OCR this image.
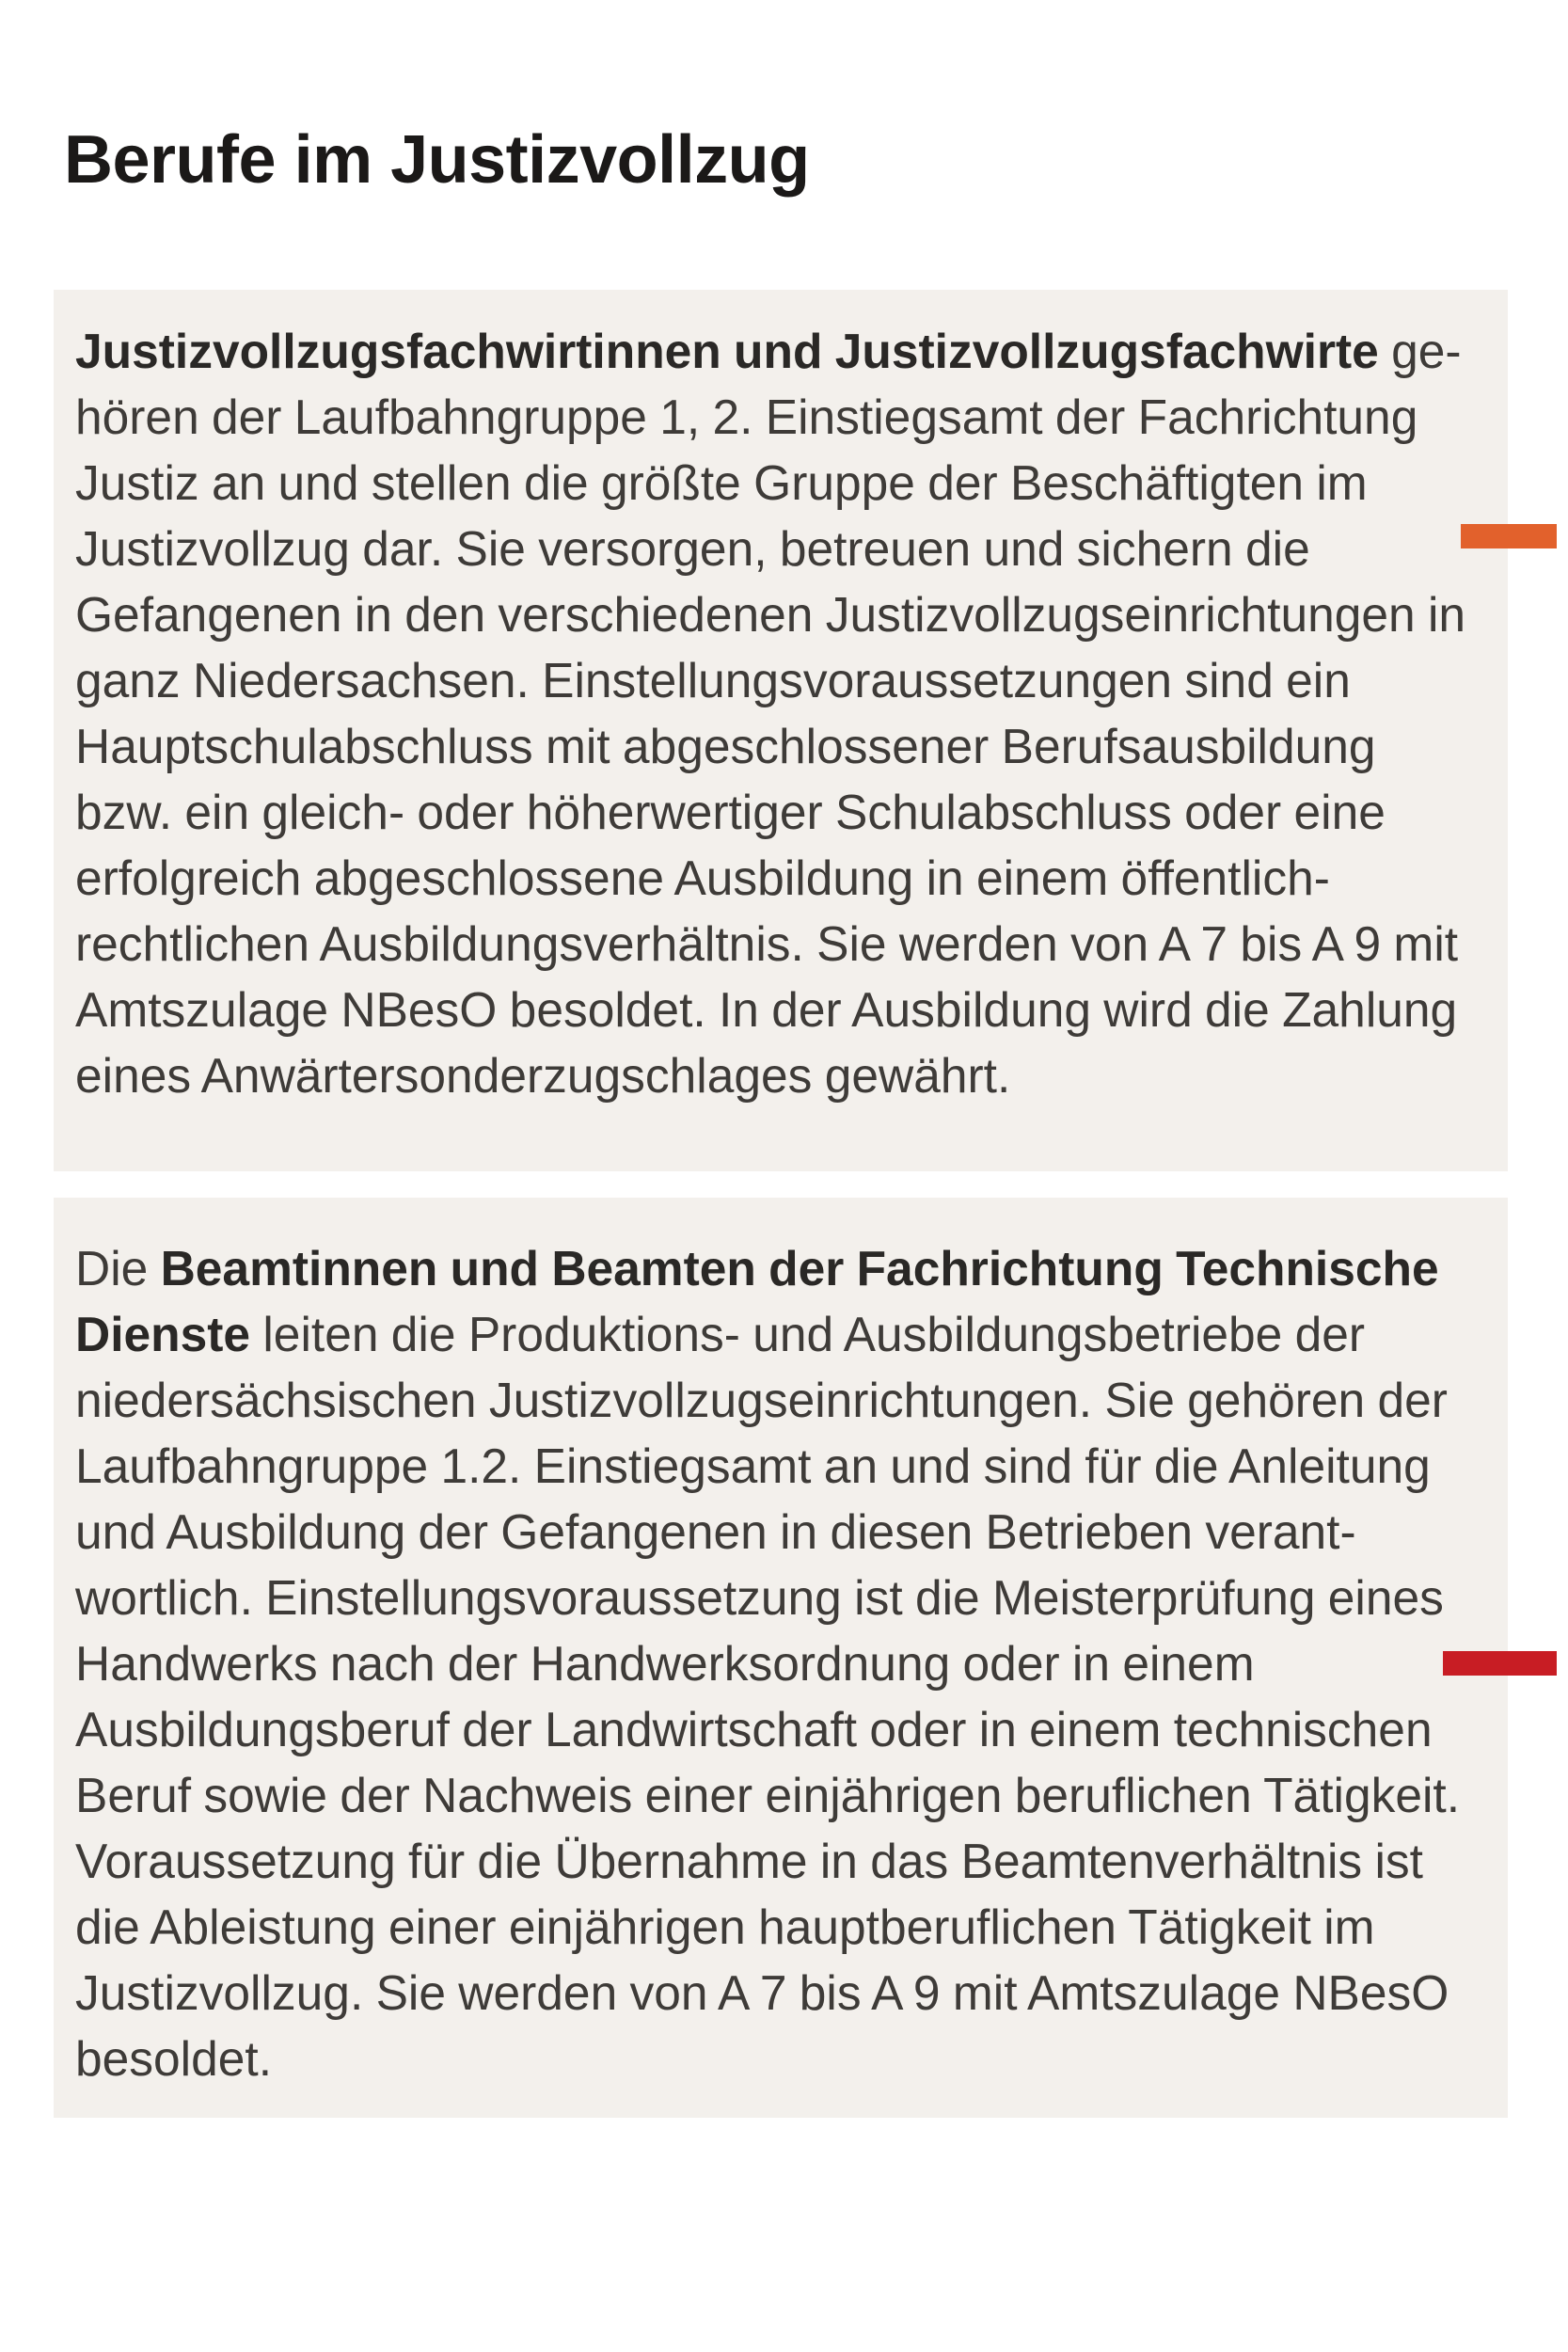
Berufe im Justizvollzug

Justizvollzugsfachwirtinnen und Justizvollzugsfachwirte ge-
hören der Laufbahngruppe 1, 2. Einstiegsamt der Fachrichtung
Justiz an und stellen die größte Gruppe der Beschäftigten im
Justizvollzug dar. Sie versorgen, betreuen und sichern die
Gefangenen in den verschiedenen Justizvollzugseinrichtungen in
ganz Niedersachsen. Einstellungsvoraussetzungen sind ein
Hauptschulabschluss mit abgeschlossener Berufsausbildung
bzw. ein gleich- oder höherwertiger Schulabschluss oder eine
erfolgreich abgeschlossene Ausbildung in einem öffentlich-
rechtlichen Ausbildungsverhältnis. Sie werden von A 7 bis A 9 mit
Amtszulage NBesO besoldet. In der Ausbildung wird die Zahlung
eines Anwärtersonderzugschlages gewährt.

Die Beamtinnen und Beamten der Fachrichtung Technische
Dienste leiten die Produktions- und Ausbildungsbetriebe der
niedersächsischen Justizvollzugseinrichtungen. Sie gehören der
Laufbahngruppe 1.2. Einstiegsamt an und sind für die Anleitung
und Ausbildung der Gefangenen in diesen Betrieben verant-
wortlich. Einstellungsvoraussetzung ist die Meisterprüfung eines
Handwerks nach der Handwerksordnung oder in einem
Ausbildungsberuf der Landwirtschaft oder in einem technischen
Beruf sowie der Nachweis einer einjährigen beruflichen Tätigkeit.
Voraussetzung für die Übernahme in das Beamtenverhältnis ist
die Ableistung einer einjährigen hauptberuflichen Tätigkeit im
Justizvollzug. Sie werden von A 7 bis A 9 mit Amtszulage NBesO
besoldet.
